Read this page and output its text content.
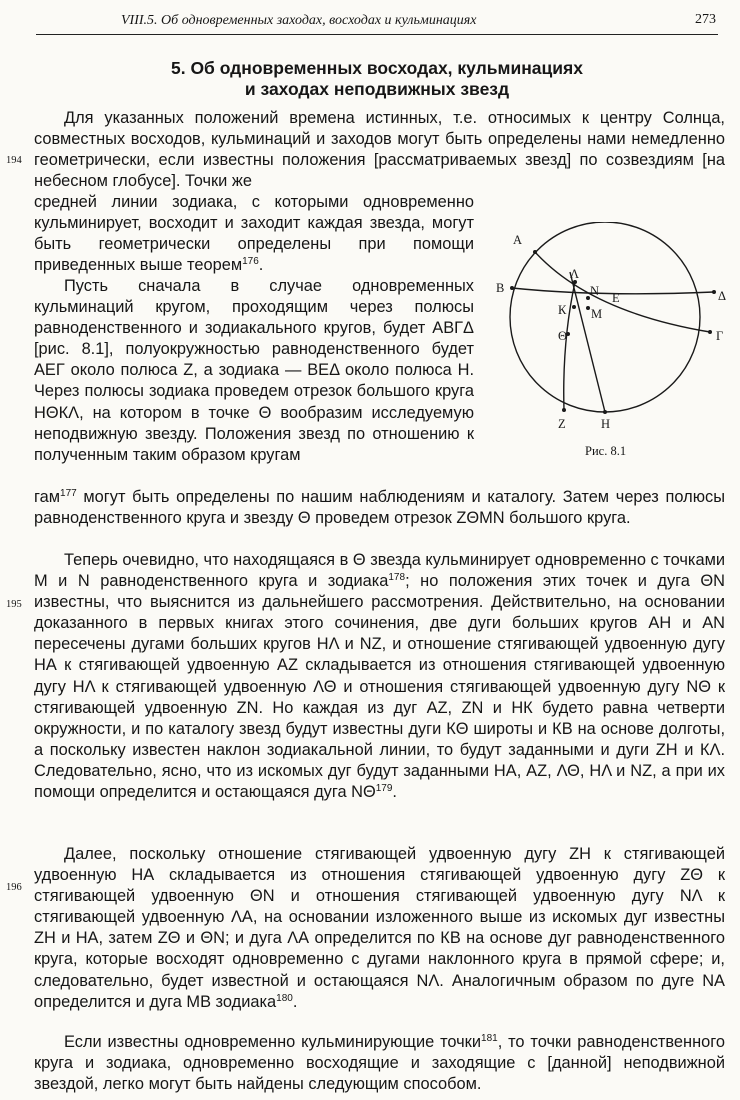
VIII.5. Об одновременных заходах, восходах и кульминациях	273
5. Об одновременных восходах, кульминациях
и заходах неподвижных звезд
194
195
196
Для указанных положений времена истинных, т.е. относимых к центру Солнца, совместных восходов, кульминаций и заходов могут быть определены нами немедленно геометрически, если известны положения [рассматриваемых звезд] по созвездиям [на небесном глобусе]. Точки же
средней линии зодиака, с которыми одновременно кульминирует, восходит и заходит каждая звезда, могут быть геометрически определены при помощи приведенных выше теорем$^{176}$.
Пусть сначала в случае одновременных кульминаций кругом, проходящим через полюсы равноденственного и зодиакального кругов, будет АВГΔ [рис. 8.1], полуокружностью равноденственного будет АЕГ около полюса Z, а зодиака — ВЕΔ около полюса Н. Через полюсы зодиака проведем отрезок большого круга НΘКΛ, на котором в точке Θ вообразим исследуемую неподвижную звезду. Положения звезд по отношению к полученным таким образом кругам
гам$^{177}$ могут быть определены по нашим наблюдениям и каталогу. Затем через полюсы равноденственного круга и звезду Θ проведем отрезок ZΘMN большого круга.
Теперь очевидно, что находящаяся в Θ звезда кульминирует одновременно с точками M и N равноденственного круга и зодиака$^{178}$; но положения этих точек и дуга ΘN известны, что выяснится из дальнейшего рассмотрения. Действительно, на основании доказанного в первых книгах этого сочинения, две дуги больших кругов АН и АN пересечены дугами больших кругов НΛ и NZ, и отношение стягивающей удвоенную дугу НА к стягивающей удвоенную AZ складывается из отношения стягивающей удвоенную дугу НΛ к стягивающей удвоенную ΛΘ и отношения стягивающей удвоенную дугу NΘ к стягивающей удвоенную ZN. Но каждая из дуг AZ, ZN и НК будето равна четверти окружности, и по каталогу звезд будут известны дуги КΘ широты и КВ на основе долготы, а поскольку известен наклон зодиакальной линии, то будут заданными и дуги ZН и КΛ. Следовательно, ясно, что из искомых дуг будут заданными НА, AZ, ΛΘ, НΛ и NZ, а при их помощи определится и остающаяся дуга NΘ$^{179}$.
Далее, поскольку отношение стягивающей удвоенную дугу ZН к стягивающей удвоенную НА складывается из отношения стягивающей удвоенную дугу ZΘ к стягивающей удвоенную ΘN и отношения стягивающей удвоенную дугу NΛ к стягивающей удвоенную ΛА, на основании изложенного выше из искомых дуг известны ZН и НА, затем ZΘ и ΘN; и дуга ΛА определится по КВ на основе дуг равноденственного круга, которые восходят одновременно с дугами наклонного круга в прямой сфере; и, следовательно, будет известной и остающаяся NΛ. Аналогичным образом по дуге NA определится и дуга МВ зодиака$^{180}$.
Если известны одновременно кульминирующие точки$^{181}$, то точки равноденственного круга и зодиака, одновременно восходящие и заходящие с [данной] неподвижной звездой, легко могут быть найдены следующим способом.
А
В
Г
Δ
Е
Λ
N
К М
Θ
Z	Н
Рис. 8.1
